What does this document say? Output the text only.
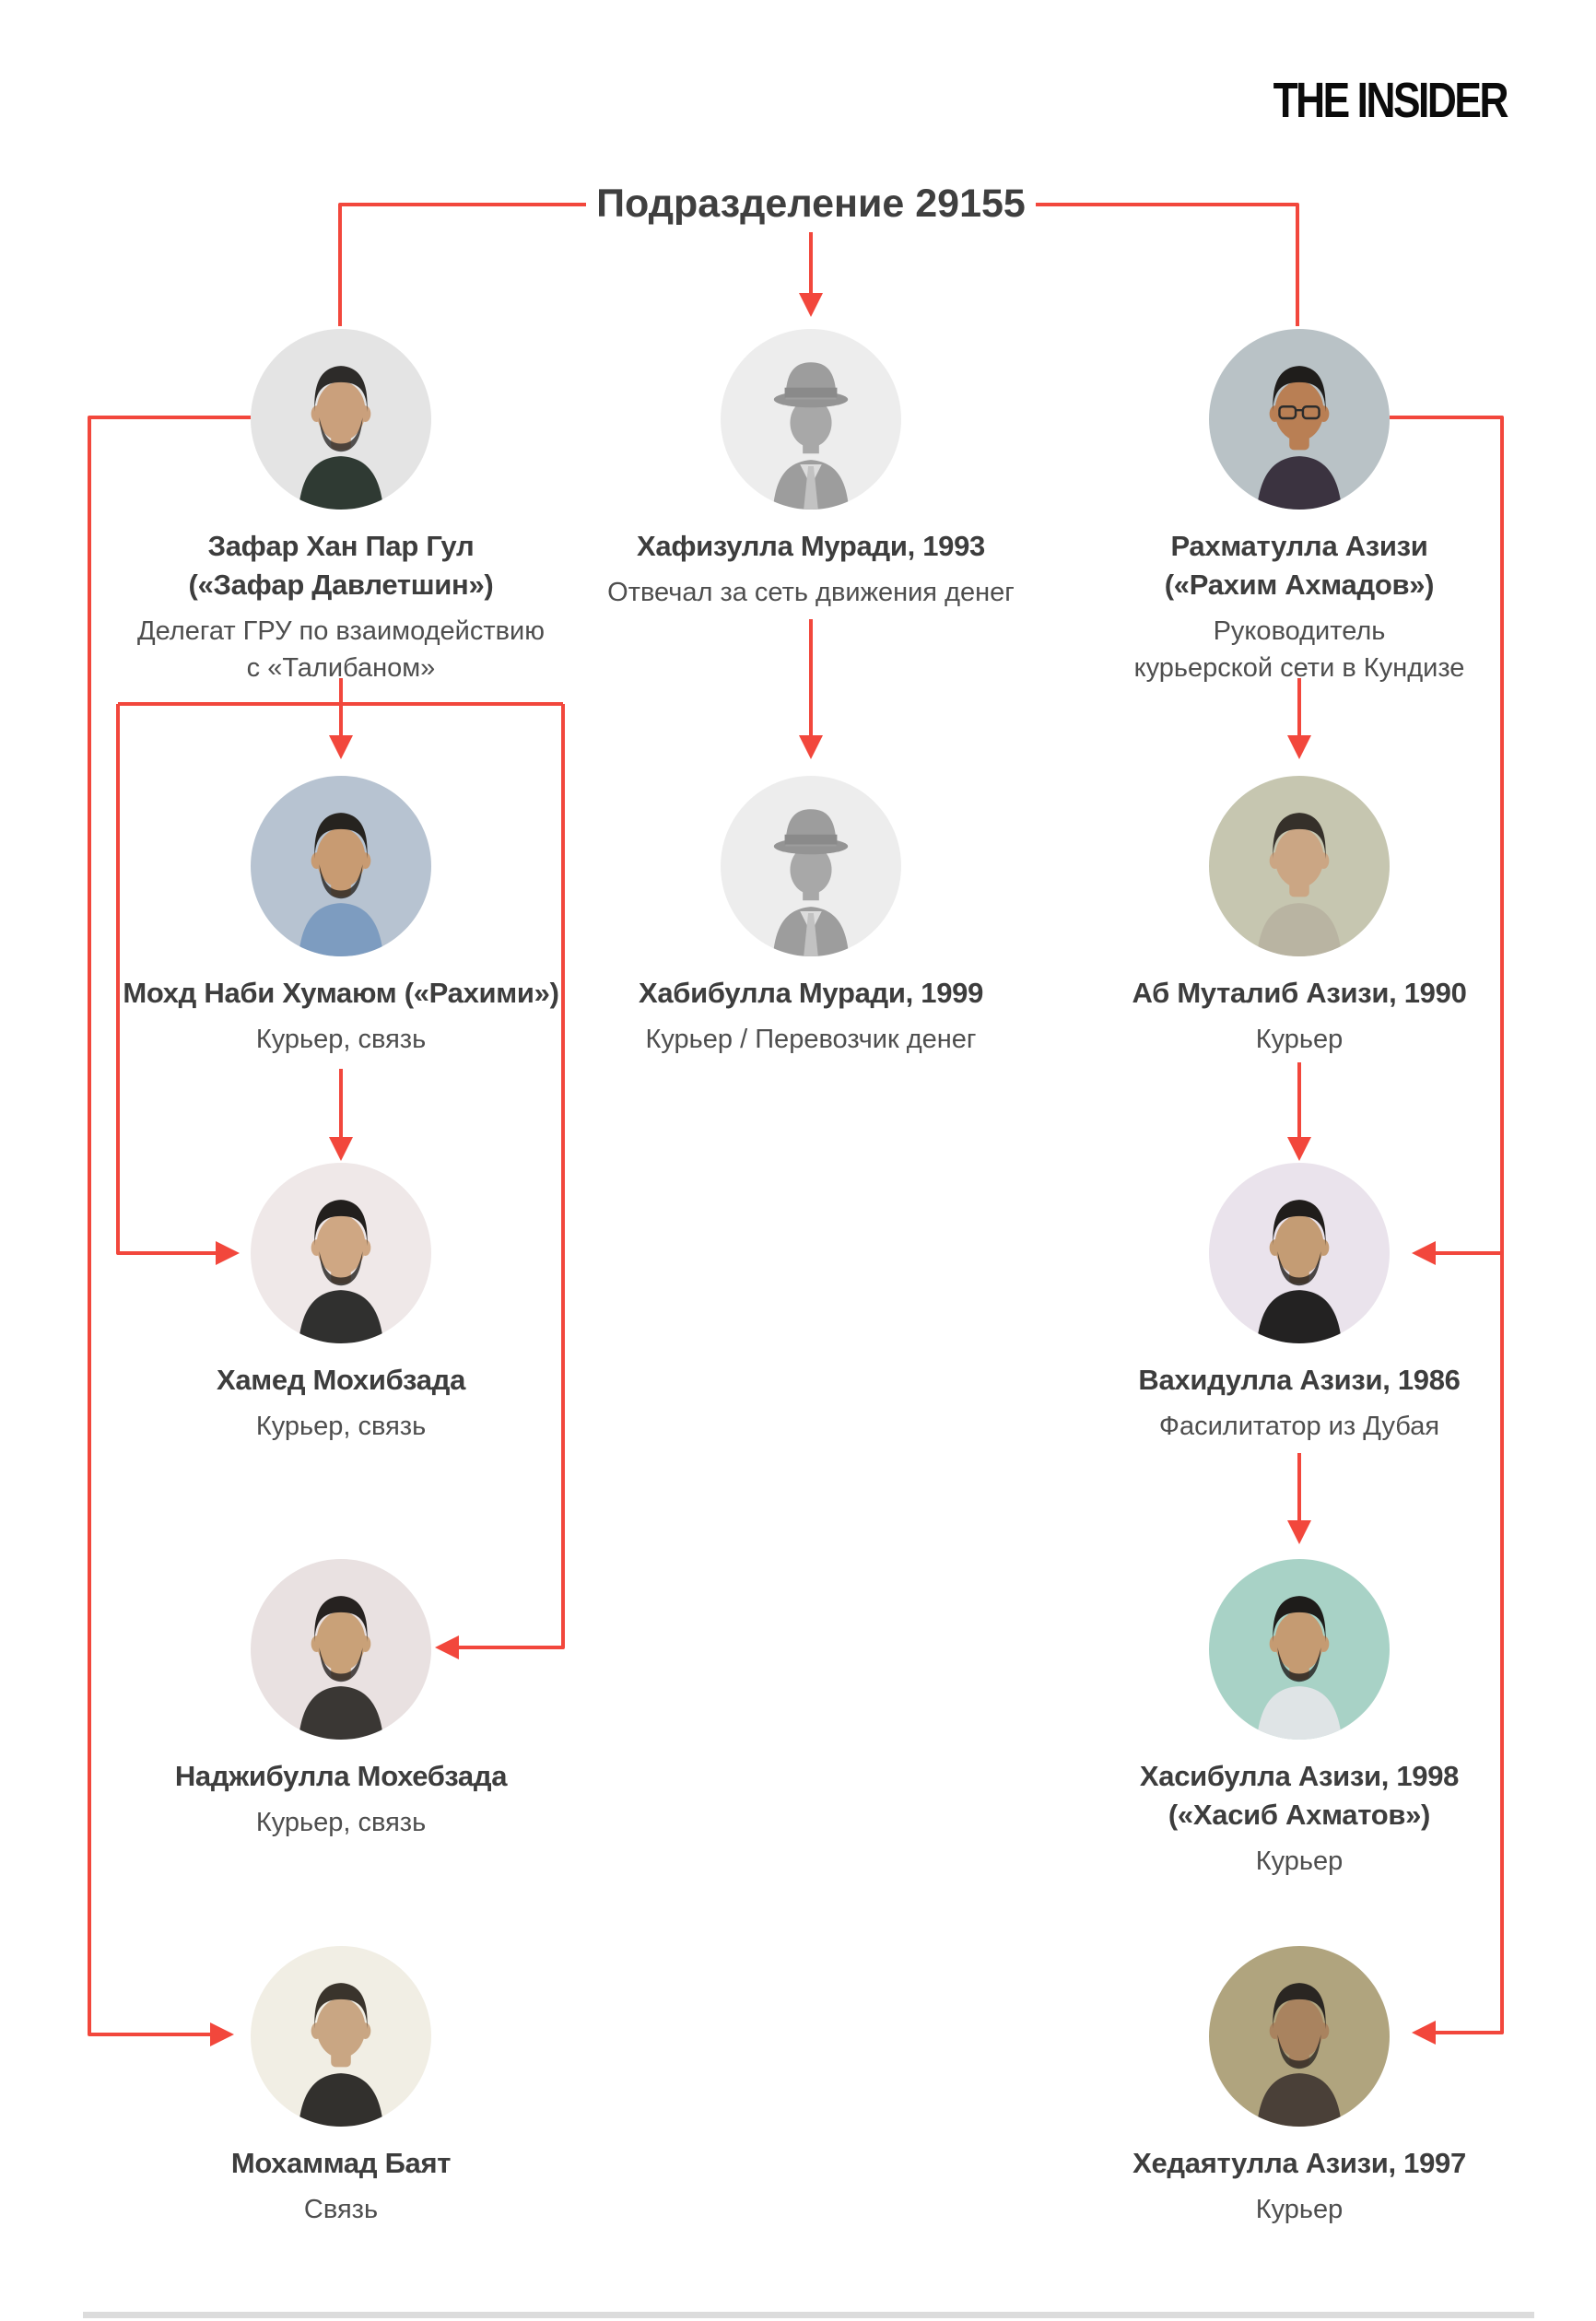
THE INSIDER
Подразделение 29155
Зафар Хан Пар Гул
(«Зафар Давлетшин»)
Делегат ГРУ по взаимодействию
с «Талибаном»
Хафизулла Муради, 1993
Отвечал за сеть движения денег
Рахматулла Азизи
(«Рахим Ахмадов»)
Руководитель
курьерской сети в Кундизе
Мохд Наби Хумаюм («Рахими»)
Курьер, связь
Хабибулла Муради, 1999
Курьер / Перевозчик денег
Аб Муталиб Азизи, 1990
Курьер
Хамед Мохибзада
Курьер, связь
Вахидулла Азизи, 1986
Фасилитатор из Дубая
Наджибулла Мохебзада
Курьер, связь
Хасибулла Азизи, 1998
(«Хасиб Ахматов»)
Курьер
Мохаммад Баят
Связь
Хедаятулла Азизи, 1997
Курьер
